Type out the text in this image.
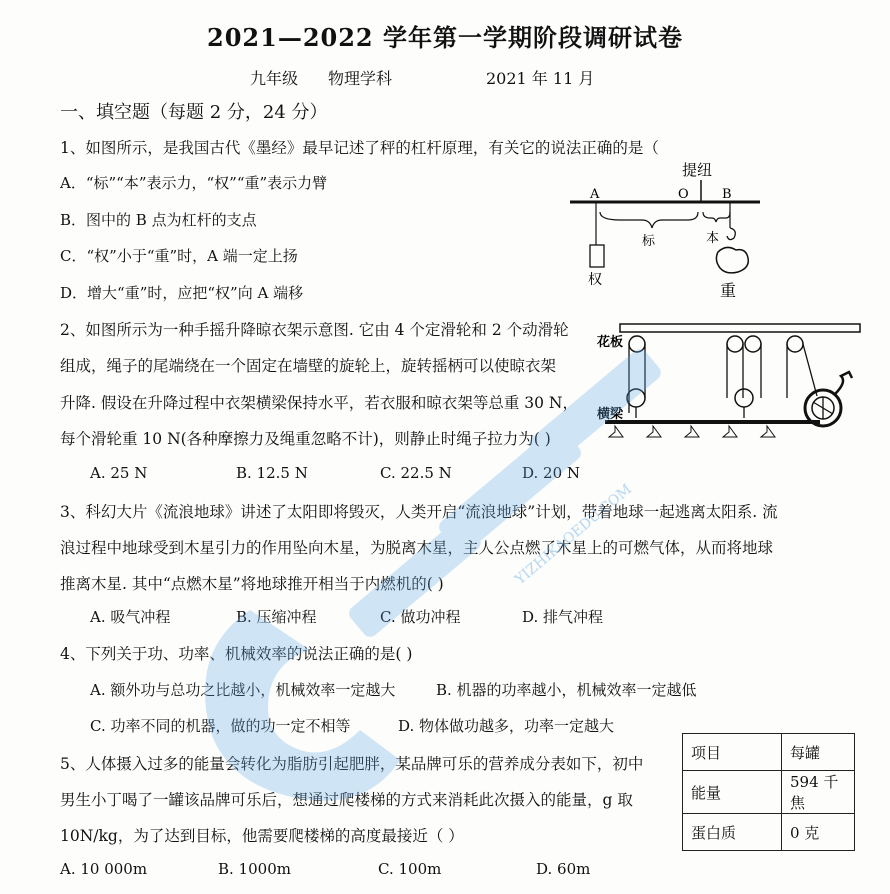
2021—2022 学年第一学期阶段调研试卷
九年级 物理学科	2021 年 11 月
一、填空题（每题 2 分，24 分）
1、如图所示，是我国古代《墨经》最早记述了秤的杠杆原理，有关它的说法正确的是（
A．“标”“本”表示力，“权”“重”表示力臂
B．图中的 B 点为杠杆的支点
C．“权”小于“重”时，A 端一定上扬
D．增大“重”时，应把“权”向 A 端移
提纽
A	O	B
权
标	本
重
2、如图所示为一种手摇升降晾衣架示意图. 它由 4 个定滑轮和 2 个动滑轮
组成，绳子的尾端绕在一个固定在墙壁的旋轮上，旋转摇柄可以使晾衣架
升降. 假设在升降过程中衣架横梁保持水平，若衣服和晾衣架等总重 30 N，
每个滑轮重 10 N(各种摩擦力及绳重忽略不计)，则静止时绳子拉力为( )
A. 25 N	B. 12.5 N	C. 22.5 N	D. 20 N
花板
横梁
3、科幻大片《流浪地球》讲述了太阳即将毁灭，人类开启“流浪地球”计划，带着地球一起逃离太阳系. 流
浪过程中地球受到木星引力的作用坠向木星，为脱离木星，主人公点燃了木星上的可燃气体，从而将地球
推离木星. 其中“点燃木星”将地球推开相当于内燃机的( )
A. 吸气冲程	B. 压缩冲程	C. 做功冲程	D. 排气冲程
4、下列关于功、功率、机械效率的说法正确的是( )
A. 额外功与总功之比越小，机械效率一定越大	B. 机器的功率越小，机械效率一定越低
C. 功率不同的机器，做的功一定不相等	D. 物体做功越多，功率一定越大
5、人体摄入过多的能量会转化为脂肪引起肥胖，某品牌可乐的营养成分表如下，初中
男生小丁喝了一罐该品牌可乐后，想通过爬楼梯的方式来消耗此次摄入的能量，g 取
10N/kg，为了达到目标，他需要爬楼梯的高度最接近（ ）
A. 10 000m	B. 1000m	C. 100m	D. 60m
项目	每罐
能量	594 千焦
蛋白质	0 克
YIZHIKAOEDU.COM
